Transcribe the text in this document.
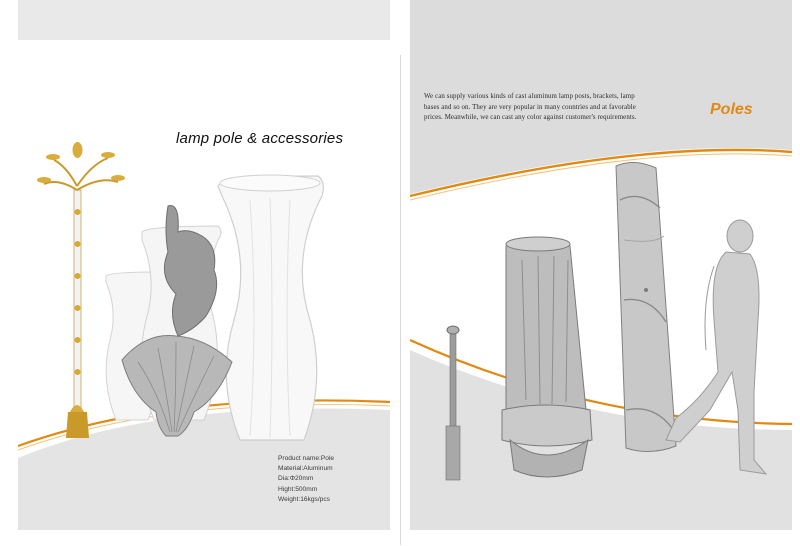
lamp pole & accessories
Product name:Pole
Material:Aluminum
Dia:Φ20mm
Hight:500mm
Weight:16kgs/pcs
We can supply various kinds of cast aluminum lamp posts, brackets, lamp bases and so on. They are very popular in many countries and at favorable prices. Meanwhile, we can cast any color against customer's requirements.	Poles
